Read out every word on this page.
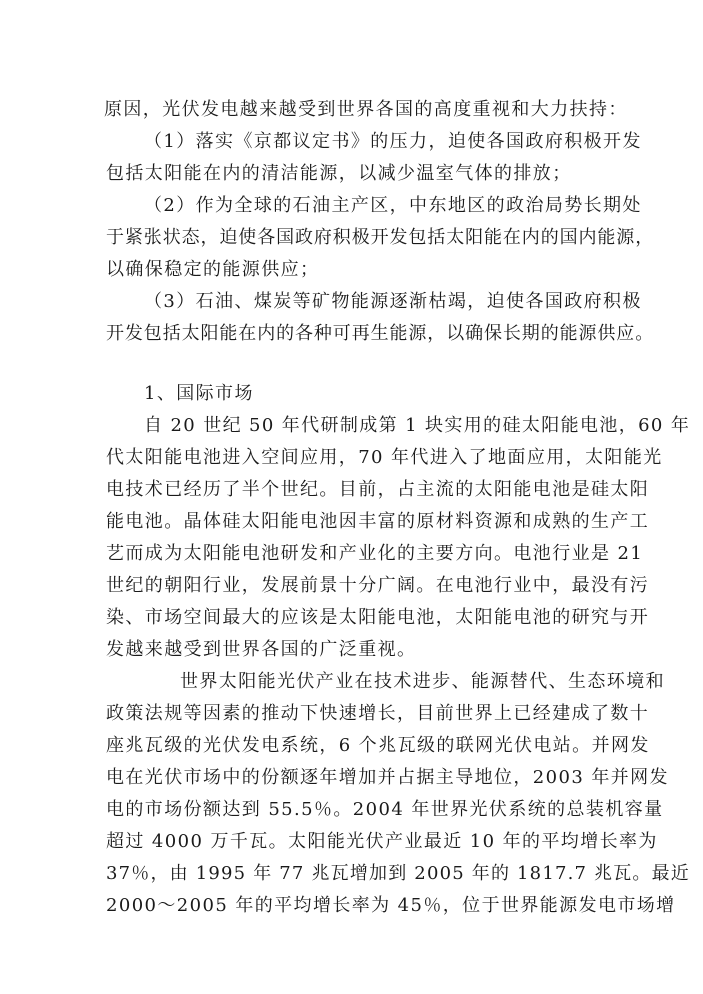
原因，光伏发电越来越受到世界各国的高度重视和大力扶持：
（1）落实《京都议定书》的压力，迫使各国政府积极开发
包括太阳能在内的清洁能源，以减少温室气体的排放；
（2）作为全球的石油主产区，中东地区的政治局势长期处
于紧张状态，迫使各国政府积极开发包括太阳能在内的国内能源，
以确保稳定的能源供应；
（3）石油、煤炭等矿物能源逐渐枯竭，迫使各国政府积极
开发包括太阳能在内的各种可再生能源，以确保长期的能源供应。
1、国际市场
自 20 世纪 50 年代研制成第 1 块实用的硅太阳能电池，60 年
代太阳能电池进入空间应用，70 年代进入了地面应用，太阳能光
电技术已经历了半个世纪。目前，占主流的太阳能电池是硅太阳
能电池。晶体硅太阳能电池因丰富的原材料资源和成熟的生产工
艺而成为太阳能电池研发和产业化的主要方向。电池行业是 21
世纪的朝阳行业，发展前景十分广阔。在电池行业中，最没有污
染、市场空间最大的应该是太阳能电池，太阳能电池的研究与开
发越来越受到世界各国的广泛重视。
世界太阳能光伏产业在技术进步、能源替代、生态环境和
政策法规等因素的推动下快速增长，目前世界上已经建成了数十
座兆瓦级的光伏发电系统，6 个兆瓦级的联网光伏电站。并网发
电在光伏市场中的份额逐年增加并占据主导地位，2003 年并网发
电的市场份额达到 55.5％。2004 年世界光伏系统的总装机容量
超过 4000 万千瓦。太阳能光伏产业最近 10 年的平均增长率为
37％，由 1995 年 77 兆瓦增加到 2005 年的 1817.7 兆瓦。最近
2000～2005 年的平均增长率为 45％，位于世界能源发电市场增
